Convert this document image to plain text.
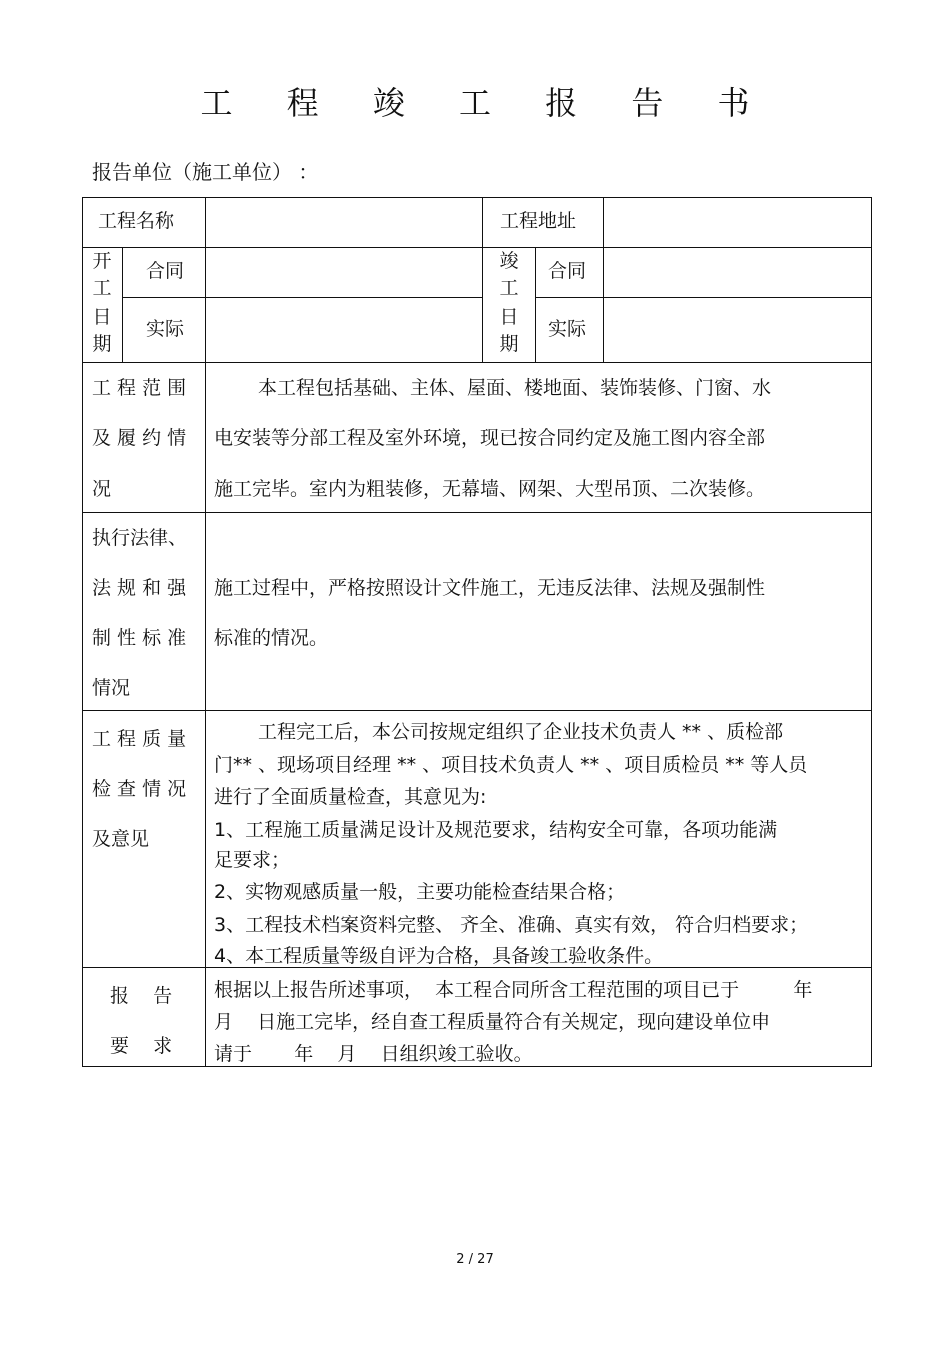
工 程 竣 工 报 告 书
报告单位（施工单位） ：
工程名称	工程地址
开
工
日
期
合同
实际
竣
工
日
期
合同
实际
工 程 范 围
及 履 约 情
况
本工程包括基础、主体、屋面、楼地面、装饰装修、门窗、水
电安装等分部工程及室外环境，现已按合同约定及施工图内容全部
施工完毕。室内为粗装修，无幕墙、网架、大型吊顶、二次装修。
执行法律、
法 规 和 强
制 性 标 准
情况
施工过程中，严格按照设计文件施工，无违反法律、法规及强制性
标准的情况。
工 程 质 量
检 查 情 况
及意见
工程完工后，本公司按规定组织了企业技术负责人 ** 、质检部
门** 、现场项目经理 ** 、项目技术负责人 ** 、项目质检员 ** 等人员
进行了全面质量检查，其意见为:
1、工程施工质量满足设计及规范要求，结构安全可靠，各项功能满
足要求；
2、实物观感质量一般，主要功能检查结果合格；
3、工程技术档案资料完整、 齐全、准确、真实有效， 符合归档要求；
4、本工程质量等级自评为合格，具备竣工验收条件。
报    告
要    求
根据以上报告所述事项，  本工程合同所含工程范围的项目已于         年
月    日施工完毕，经自查工程质量符合有关规定，现向建设单位申
请于       年    月    日组织竣工验收。
2 / 27
